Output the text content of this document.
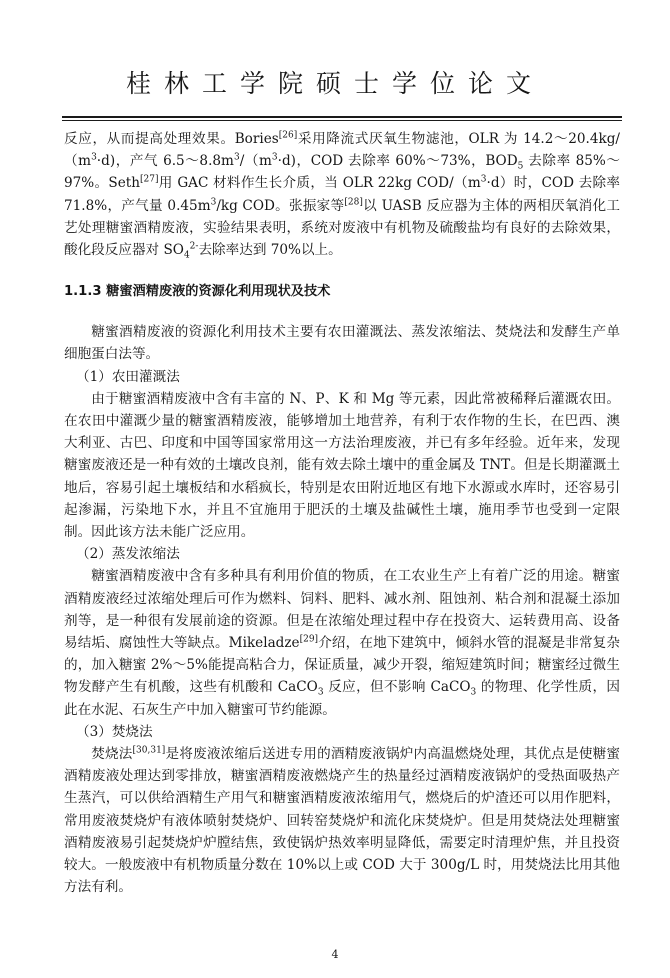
桂林工学院硕士学位论文

反应，从而提高处理效果。Bories[26]采用降流式厌氧生物滤池，OLR 为 $14.2\sim 20.4kg/(m^3\cdot d)$，产气 $6.5\sim 8.8m^3/(m^3\cdot d)$，COD 去除率 60%～73%，$BOD_5$ 去除率 85%～97%。Seth[27]用 GAC 材料作生长介质，当 OLR 22kg COD/$(m^3\cdot d)$时，COD 去除率 71.8%，产气量 $0.45m^3/kg$ COD。张振家等[28]以 UASB 反应器为主体的两相厌氧消化工艺处理糖蜜酒精废液，实验结果表明，系统对废液中有机物及硫酸盐均有良好的去除效果，酸化段反应器对 $SO_4^{2-}$去除率达到 70%以上。

1.1.3 糖蜜酒精废液的资源化利用现状及技术

糖蜜酒精废液的资源化利用技术主要有农田灌溉法、蒸发浓缩法、焚烧法和发酵生产单细胞蛋白法等。

（1）农田灌溉法

由于糖蜜酒精废液中含有丰富的 N、P、K 和 Mg 等元素，因此常被稀释后灌溉农田。在农田中灌溉少量的糖蜜酒精废液，能够增加土地营养，有利于农作物的生长，在巴西、澳大利亚、古巴、印度和中国等国家常用这一方法治理废液，并已有多年经验。近年来，发现糖蜜废液还是一种有效的土壤改良剂，能有效去除土壤中的重金属及 TNT。但是长期灌溉土地后，容易引起土壤板结和水稻疯长，特别是农田附近地区有地下水源或水库时，还容易引起渗漏，污染地下水，并且不宜施用于肥沃的土壤及盐碱性土壤，施用季节也受到一定限制。因此该方法未能广泛应用。

（2）蒸发浓缩法

糖蜜酒精废液中含有多种具有利用价值的物质，在工农业生产上有着广泛的用途。糖蜜酒精废液经过浓缩处理后可作为燃料、饲料、肥料、减水剂、阻蚀剂、粘合剂和混凝土添加剂等，是一种很有发展前途的资源。但是在浓缩处理过程中存在投资大、运转费用高、设备易结垢、腐蚀性大等缺点。Mikeladze[29]介绍，在地下建筑中，倾斜水管的混凝是非常复杂的，加入糖蜜 2%～5%能提高粘合力，保证质量，减少开裂，缩短建筑时间；糖蜜经过微生物发酵产生有机酸，这些有机酸和 CaCO$_3$ 反应，但不影响 CaCO$_3$ 的物理、化学性质，因此在水泥、石灰生产中加入糖蜜可节约能源。

（3）焚烧法

焚烧法[30,31]是将废液浓缩后送进专用的酒精废液锅炉内高温燃烧处理，其优点是使糖蜜酒精废液处理达到零排放，糖蜜酒精废液燃烧产生的热量经过酒精废液锅炉的受热面吸热产生蒸汽，可以供给酒精生产用气和糖蜜酒精废液浓缩用气，燃烧后的炉渣还可以用作肥料，常用废液焚烧炉有液体喷射焚烧炉、回转窑焚烧炉和流化床焚烧炉。但是用焚烧法处理糖蜜酒精废液易引起焚烧炉炉膛结焦，致使锅炉热效率明显降低，需要定时清理炉焦，并且投资较大。一般废液中有机物质量分数在 10%以上或 COD 大于 300g/L 时，用焚烧法比用其他方法有利。

4
